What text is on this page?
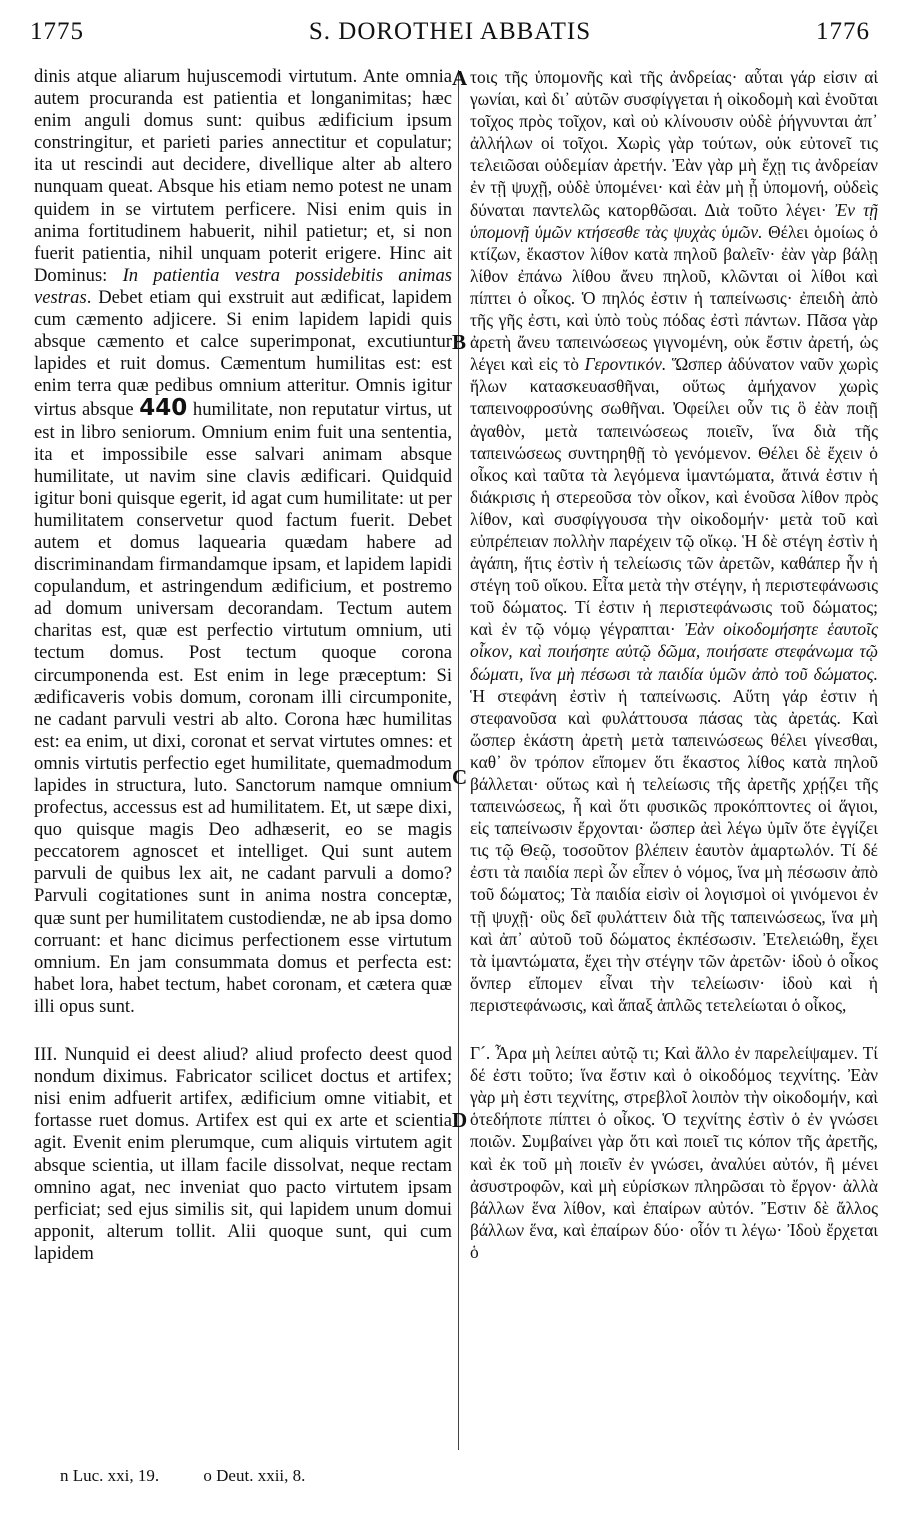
1775	S. DOROTHEI ABBATIS	1776
A
B
C
D

dinis atque aliarum hujuscemodi virtutum. Ante omnia autem procuranda est patientia et longanimitas; hæc enim anguli domus sunt: quibus ædificium ipsum constringitur, et parieti paries annectitur et copulatur; ita ut rescindi aut decidere, divellique alter ab altero nunquam queat. Absque his etiam nemo potest ne unam quidem in se virtutem perficere. Nisi enim quis in anima fortitudinem habuerit, nihil patietur; et, si non fuerit patientia, nihil unquam poterit erigere. Hinc ait Dominus: In patientia vestra possidebitis animas vestras. Debet etiam qui exstruit aut ædificat, lapidem cum cæmento adjicere. Si enim lapidem lapidi quis absque cæmento et calce superimponat, excutiuntur lapides et ruit domus. Cæmentum humilitas est: est enim terra quæ pedibus omnium atteritur. Omnis igitur virtus absque 440 humilitate, non reputatur virtus, ut est in libro seniorum. Omnium enim fuit una sententia, ita et impossibile esse salvari animam absque humilitate, ut navim sine clavis ædificari. Quidquid igitur boni quisque egerit, id agat cum humilitate: ut per humilitatem conservetur quod factum fuerit. Debet autem et domus laquearia quædam habere ad discriminandam firmandamque ipsam, et lapidem lapidi copulandum, et astringendum ædificium, et postremo ad domum universam decorandam. Tectum autem charitas est, quæ est perfectio virtutum omnium, uti tectum domus. Post tectum quoque corona circumponenda est. Est enim in lege præceptum: Si ædificaveris vobis domum, coronam illi circumponite, ne cadant parvuli vestri ab alto. Corona hæc humilitas est: ea enim, ut dixi, coronat et servat virtutes omnes: et omnis virtutis perfectio eget humilitate, quemadmodum lapides in structura, luto. Sanctorum namque omnium profectus, accessus est ad humilitatem. Et, ut sæpe dixi, quo quisque magis Deo adhæserit, eo se magis peccatorem agnoscet et intelliget. Qui sunt autem parvuli de quibus lex ait, ne cadant parvuli a domo? Parvuli cogitationes sunt in anima nostra conceptæ, quæ sunt per humilitatem custodiendæ, ne ab ipsa domo corruant: et hanc dicimus perfectionem esse virtutum omnium. En jam consummata domus et perfecta est: habet lora, habet tectum, habet coronam, et cætera quæ illi opus sunt.

III. Nunquid ei deest aliud? aliud profecto deest quod nondum diximus. Fabricator scilicet doctus et artifex; nisi enim adfuerit artifex, ædificium omne vitiabit, et fortasse ruet domus. Artifex est qui ex arte et scientia agit. Evenit enim plerumque, cum aliquis virtutem agit absque scientia, ut illam facile dissolvat, neque rectam omnino agat, nec inveniat quo pacto virtutem ipsam perficiat; sed ejus similis sit, qui lapidem unum domui apponit, alterum tollit. Alii quoque sunt, qui cum lapidem

τοις τῆς ὑπομονῆς καὶ τῆς ἀνδρείας· αὗται γάρ εἰσιν αἱ γωνίαι, καὶ δι᾽ αὐτῶν συσφίγγεται ἡ οἰκοδομὴ καὶ ἑνοῦται τοῖχος πρὸς τοῖχον, καὶ οὐ κλίνουσιν οὐδὲ ῥήγνυνται ἀπ᾽ ἀλλήλων οἱ τοῖχοι. Χωρὶς γὰρ τούτων, οὐκ εὐτονεῖ τις τελειῶσαι οὐδεμίαν ἀρετήν. Ἐὰν γὰρ μὴ ἔχῃ τις ἀνδρείαν ἐν τῇ ψυχῇ, οὐδὲ ὑπομένει· καὶ ἐὰν μὴ ᾖ ὑπομονή, οὐδεὶς δύναται παντελῶς κατορθῶσαι. Διὰ τοῦτο λέγει· Ἐν τῇ ὑπομονῇ ὑμῶν κτήσεσθε τὰς ψυχὰς ὑμῶν. Θέλει ὁμοίως ὁ κτίζων, ἕκαστον λίθον κατὰ πηλοῦ βαλεῖν· ἐὰν γὰρ βάλῃ λίθον ἐπάνω λίθου ἄνευ πηλοῦ, κλῶνται οἱ λίθοι καὶ πίπτει ὁ οἶκος. Ὁ πηλός ἐστιν ἡ ταπείνωσις· ἐπειδὴ ἀπὸ τῆς γῆς ἐστι, καὶ ὑπὸ τοὺς πόδας ἐστὶ πάντων. Πᾶσα γὰρ ἀρετὴ ἄνευ ταπεινώσεως γιγνομένη, οὐκ ἔστιν ἀρετή, ὡς λέγει καὶ εἰς τὸ Γεροντικόν. Ὥσπερ ἀδύνατον ναῦν χωρὶς ἥλων κατασκευασθῆναι, οὕτως ἀμήχανον χωρὶς ταπεινοφροσύνης σωθῆναι. Ὀφείλει οὖν τις ὃ ἐὰν ποιῇ ἀγαθὸν, μετὰ ταπεινώσεως ποιεῖν, ἵνα διὰ τῆς ταπεινώσεως συντηρηθῇ τὸ γενόμενον. Θέλει δὲ ἔχειν ὁ οἶκος καὶ ταῦτα τὰ λεγόμενα ἱμαντώματα, ἅτινά ἐστιν ἡ διάκρισις ἡ στερεοῦσα τὸν οἶκον, καὶ ἑνοῦσα λίθον πρὸς λίθον, καὶ συσφίγγουσα τὴν οἰκοδομήν· μετὰ τοῦ καὶ εὐπρέπειαν πολλὴν παρέχειν τῷ οἴκῳ. Ἡ δὲ στέγη ἐστὶν ἡ ἀγάπη, ἥτις ἐστὶν ἡ τελείωσις τῶν ἀρετῶν, καθάπερ ἦν ἡ στέγη τοῦ οἴκου. Εἶτα μετὰ τὴν στέγην, ἡ περιστεφάνωσις τοῦ δώματος. Τί ἐστιν ἡ περιστεφάνωσις τοῦ δώματος; καὶ ἐν τῷ νόμῳ γέγραπται· Ἐὰν οἰκοδομήσητε ἑαυτοῖς οἶκον, καὶ ποιήσητε αὐτῷ δῶμα, ποιήσατε στεφάνωμα τῷ δώματι, ἵνα μὴ πέσωσι τὰ παιδία ὑμῶν ἀπὸ τοῦ δώματος. Ἡ στεφάνη ἐστὶν ἡ ταπείνωσις. Αὕτη γάρ ἐστιν ἡ στεφανοῦσα καὶ φυλάττουσα πάσας τὰς ἀρετάς. Καὶ ὥσπερ ἑκάστη ἀρετὴ μετὰ ταπεινώσεως θέλει γίνεσθαι, καθ᾽ ὃν τρόπον εἴπομεν ὅτι ἕκαστος λίθος κατὰ πηλοῦ βάλλεται· οὕτως καὶ ἡ τελείωσις τῆς ἀρετῆς χρῄζει τῆς ταπεινώσεως, ἧ καὶ ὅτι φυσικῶς προκόπτοντες οἱ ἅγιοι, εἰς ταπείνωσιν ἔρχονται· ὥσπερ ἀεὶ λέγω ὑμῖν ὅτε ἐγγίζει τις τῷ Θεῷ, τοσοῦτον βλέπειν ἑαυτὸν ἁμαρτωλόν. Τί δέ ἐστι τὰ παιδία περὶ ὧν εἶπεν ὁ νόμος, ἵνα μὴ πέσωσιν ἀπὸ τοῦ δώματος; Τὰ παιδία εἰσὶν οἱ λογισμοὶ οἱ γινόμενοι ἐν τῇ ψυχῇ· οὓς δεῖ φυλάττειν διὰ τῆς ταπεινώσεως, ἵνα μὴ καὶ ἀπ᾽ αὐτοῦ τοῦ δώματος ἐκπέσωσιν. Ἐτελειώθη, ἔχει τὰ ἱμαντώματα, ἔχει τὴν στέγην τῶν ἀρετῶν· ἰδοὺ ὁ οἶκος ὅνπερ εἴπομεν εἶναι τὴν τελείωσιν· ἰδοὺ καὶ ἡ περιστεφάνωσις, καὶ ἅπαξ ἁπλῶς τετελείωται ὁ οἶκος,

Γ´. Ἆρα μὴ λείπει αὐτῷ τι; Καὶ ἄλλο ἐν παρελείψαμεν. Τί δέ ἐστι τοῦτο; ἵνα ἔστιν καὶ ὁ οἰκοδόμος τεχνίτης. Ἐὰν γὰρ μὴ ἐστι τεχνίτης, στρεβλοῖ λοιπὸν τὴν οἰκοδομήν, καὶ ὁτεδήποτε πίπτει ὁ οἶκος. Ὁ τεχνίτης ἐστὶν ὁ ἐν γνώσει ποιῶν. Συμβαίνει γὰρ ὅτι καὶ ποιεῖ τις κόπον τῆς ἀρετῆς, καὶ ἐκ τοῦ μὴ ποιεῖν ἐν γνώσει, ἀναλύει αὐτόν, ἢ μένει ἀσυστροφῶν, καὶ μὴ εὑρίσκων πληρῶσαι τὸ ἔργον· ἀλλὰ βάλλων ἕνα λίθον, καὶ ἐπαίρων αὐτόν. Ἔστιν δὲ ἄλλος βάλλων ἕνα, καὶ ἐπαίρων δύο· οἷόν τι λέγω· Ἰδοὺ ἔρχεται ὁ

n Luc. xxi, 19.	o Deut. xxii, 8.
